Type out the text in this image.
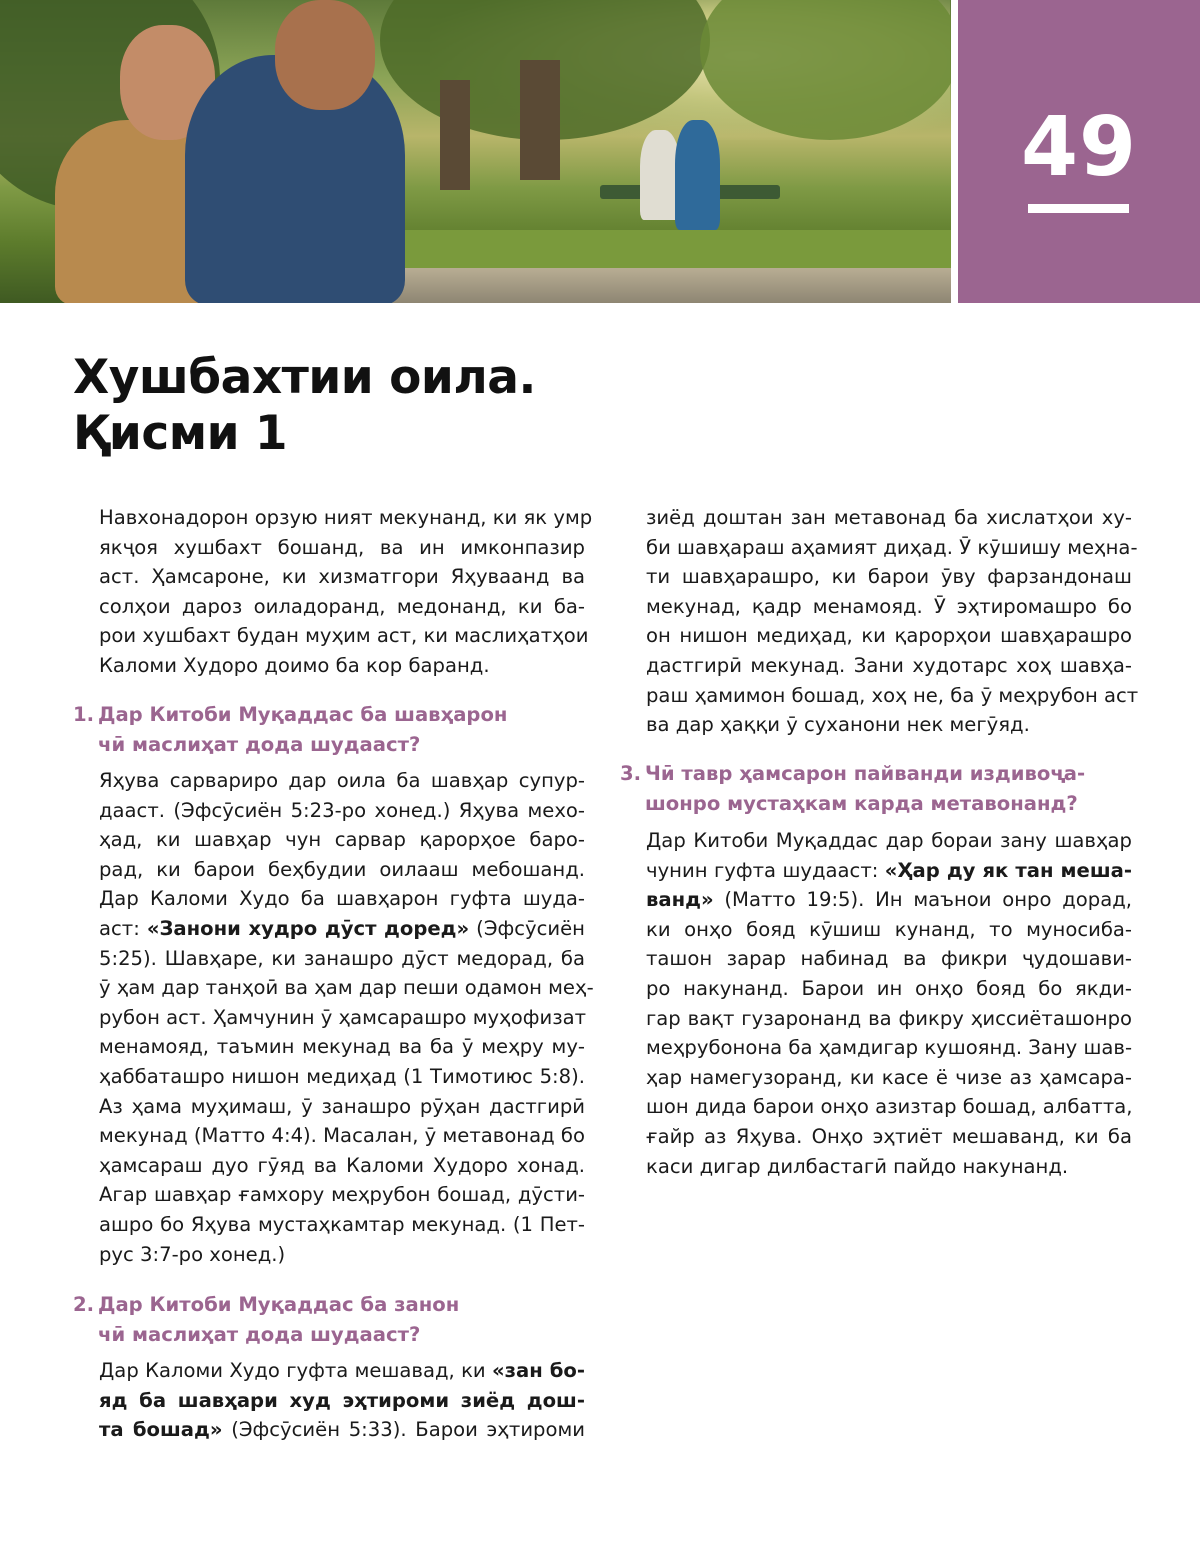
49
Хушбахтии оила.
Қисми 1
Навхонадорон орзую ният мекунанд, ки як умр
якҷоя хушбахт бошанд, ва ин имконпазир
аст. Ҳамсароне, ки хизматгори Яҳуваанд ва
солҳои дароз оиладоранд, медонанд, ки ба-
рои хушбахт будан муҳим аст, ки маслиҳатҳои
Каломи Худоро доимо ба кор баранд.
1. Дар Китоби Муқаддас ба шавҳарон
чӣ маслиҳат дода шудааст?
Яҳува сарвариро дар оила ба шавҳар супур-
дааст. (Эфсӯсиён 5:23-ро хонед.) Яҳува мехо-
ҳад, ки шавҳар чун сарвар қарорҳое баро-
рад, ки барои беҳбудии оилааш мебошанд.
Дар Каломи Худо ба шавҳарон гуфта шуда-
аст: «Занони худро дӯст доред» (Эфсӯсиён
5:25). Шавҳаре, ки занашро дӯст медорад, ба
ӯ ҳам дар танҳоӣ ва ҳам дар пеши одамон меҳ-
рубон аст. Ҳамчунин ӯ ҳамсарашро муҳофизат
менамояд, таъмин мекунад ва ба ӯ меҳру му-
ҳаббаташро нишон медиҳад (1 Тимотиюс 5:8).
Аз ҳама муҳимаш, ӯ занашро рӯҳан дастгирӣ
мекунад (Матто 4:4). Масалан, ӯ метавонад бо
ҳамсараш дуо гӯяд ва Каломи Худоро хонад.
Агар шавҳар ғамхору меҳрубон бошад, дӯсти-
ашро бо Яҳува мустаҳкамтар мекунад. (1 Пет-
рус 3:7-ро хонед.)
2. Дар Китоби Муқаддас ба занон
чӣ маслиҳат дода шудааст?
Дар Каломи Худо гуфта мешавад, ки «зан бо-
яд ба шавҳари худ эҳтироми зиёд дош-
та бошад» (Эфсӯсиён 5:33). Барои эҳтироми
3. Чӣ тавр ҳамсарон пайванди издивоҷа-
шонро мустаҳкам карда метавонанд?
Дар Китоби Муқаддас дар бораи зану шавҳар
чунин гуфта шудааст: «Ҳар ду як тан меша-
ванд» (Матто 19:5). Ин маънои онро дорад,
ки онҳо бояд кӯшиш кунанд, то муносиба-
ташон зарар набинад ва фикри ҷудошави-
ро накунанд. Барои ин онҳо бояд бо якди-
гар вақт гузаронанд ва фикру ҳиссиёташонро
меҳрубонона ба ҳамдигар кушоянд. Зану шав-
ҳар намегузоранд, ки касе ё чизе аз ҳамсара-
шон дида барои онҳо азизтар бошад, албатта,
ғайр аз Яҳува. Онҳо эҳтиёт мешаванд, ки ба
каси дигар дилбастагӣ пайдо накунанд.
зиёд доштан зан метавонад ба хислатҳои ху-
би шавҳараш аҳамият диҳад. Ӯ кӯшишу меҳна-
ти шавҳарашро, ки барои ӯву фарзандонаш
мекунад, қадр менамояд. Ӯ эҳтиромашро бо
он нишон медиҳад, ки қарорҳои шавҳарашро
дастгирӣ мекунад. Зани худотарс хоҳ шавҳа-
раш ҳамимон бошад, хоҳ не, ба ӯ меҳрубон аст
ва дар ҳаққи ӯ суханони нек мегӯяд.
